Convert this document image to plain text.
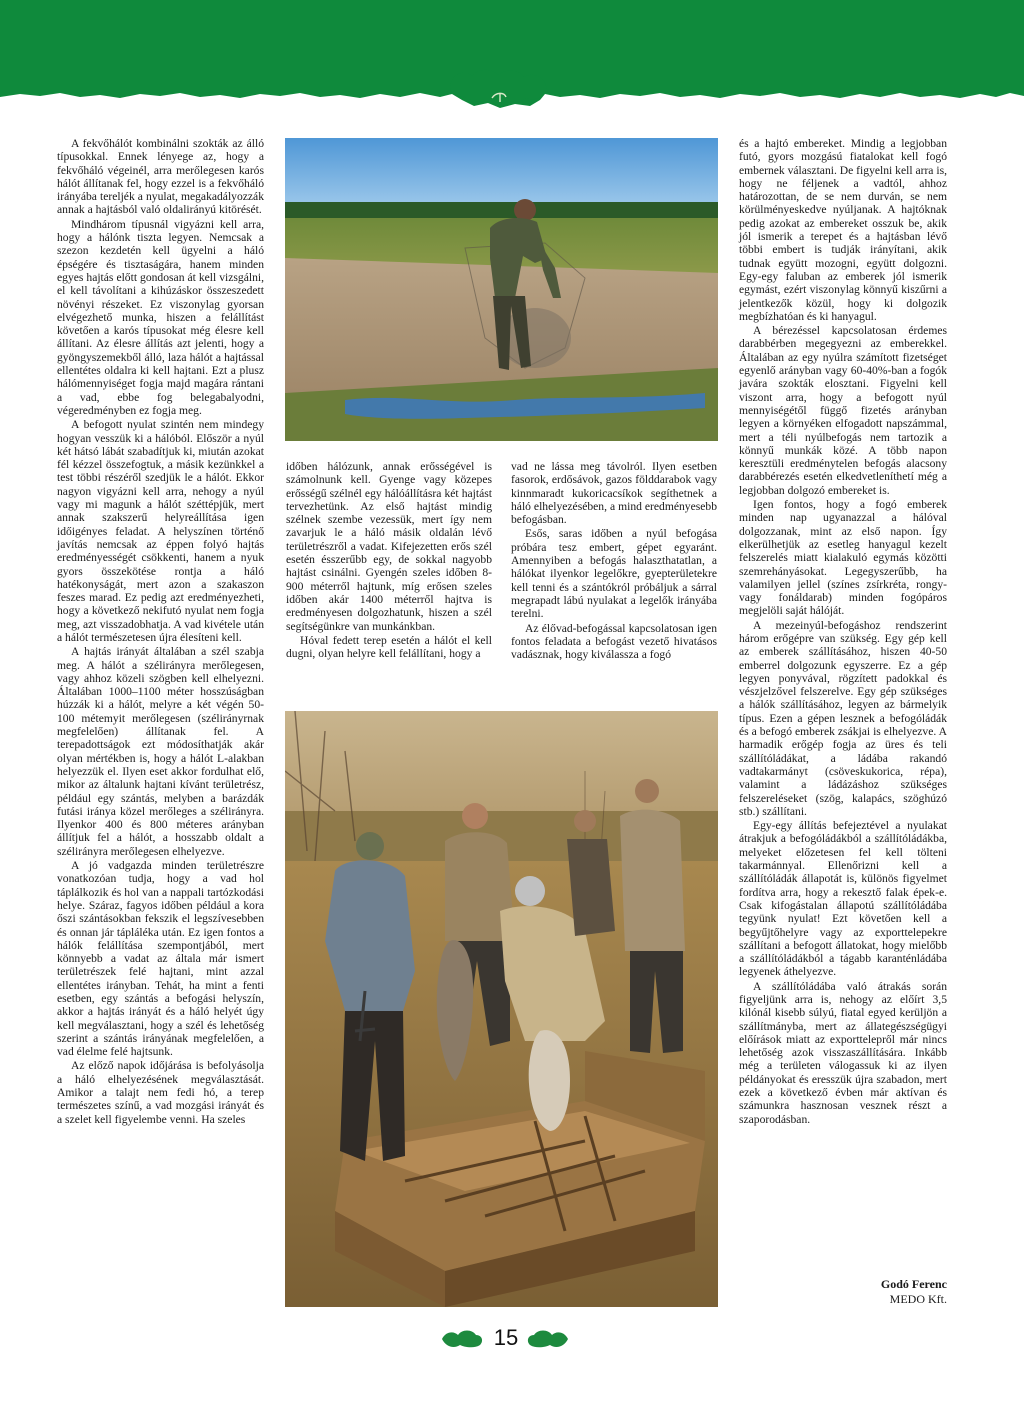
A fekvőhálót kombinálni szokták az álló típusokkal. Ennek lényege az, hogy a fekvőháló végeinél, arra merőlegesen karós hálót állítanak fel, hogy ezzel is a fekvőháló irányába tereljék a nyulat, megakadályozzák annak a hajtásból való oldalirányú kitörését.

Mindhárom típusnál vigyázni kell arra, hogy a hálónk tiszta legyen. Nemcsak a szezon kezdetén kell ügyelni a háló épségére és tisztaságára, hanem minden egyes hajtás előtt gondosan át kell vizsgálni, el kell távolítani a kihúzáskor összeszedett növényi részeket. Ez viszonylag gyorsan elvégezhető munka, hiszen a felállítást követően a karós típusokat még élesre kell állítani. Az élesre állítás azt jelenti, hogy a gyöngyszemekből álló, laza hálót a hajtással ellentétes oldalra ki kell hajtani. Ezt a plusz hálómennyiséget fogja majd magára rántani a vad, ebbe fog belegabalyodni, végeredményben ez fogja meg.

A befogott nyulat szintén nem mindegy hogyan vesszük ki a hálóból. Először a nyúl két hátsó lábát szabadítjuk ki, miután azokat fél kézzel összefogtuk, a másik kezünkkel a test többi részéről szedjük le a hálót. Ekkor nagyon vigyázni kell arra, nehogy a nyúl vagy mi magunk a hálót széttépjük, mert annak szakszerű helyreállítása igen időigényes feladat. A helyszínen történő javítás nemcsak az éppen folyó hajtás eredményességét csökkenti, hanem a nyuk gyors összekötése rontja a háló hatékonyságát, mert azon a szakaszon feszes marad. Ez pedig azt eredményezheti, hogy a következő nekifutó nyulat nem fogja meg, azt visszadobhatja. A vad kivétele után a hálót természetesen újra élesíteni kell.

A hajtás irányát általában a szél szabja meg. A hálót a szélirányra merőlegesen, vagy ahhoz közeli szögben kell elhelyezni. Általában 1000–1100 méter hosszúságban húzzák ki a hálót, melyre a két végén 50-100 métemyit merőlegesen (szélirányrnak megfelelően) állítanak fel. A terepadottságok ezt módosíthatják akár olyan mértékben is, hogy a hálót L-alakban helyezzük el. Ilyen eset akkor fordulhat elő, mikor az általunk hajtani kívánt területrész, például egy szántás, melyben a barázdák futási iránya közel merőleges a szélirányra. Ilyenkor 400 és 800 méteres arányban állítjuk fel a hálót, a hosszabb oldalt a szélirányra merőlegesen elhelyezve.

A jó vadgazda minden területrészre vonatkozóan tudja, hogy a vad hol táplálkozik és hol van a nappali tartózkodási helye. Száraz, fagyos időben például a kora őszi szántásokban fekszik el legszívesebben és onnan jár táplálékа után. Ez igen fontos a hálók felállítása szempontjából, mert könnyebb a vadat az általa már ismert területrészek felé hajtani, mint azzal ellentétes irányban. Tehát, ha mint a fenti esetben, egy szántás a befogási helyszín, akkor a hajtás irányát és a háló helyét úgy kell megválasztani, hogy a szél és lehetőség szerint a szántás irányának megfelelően, a vad élelme felé hajtsunk.

Az előző napok időjárása is befolyásolja a háló elhelyezésének megválasztását. Amikor a talajt nem fedi hó, a terep természetes színű, a vad mozgási irányát és a szelet kell figyelembe venni. Ha szeles

időben hálózunk, annak erősségével is számolnunk kell. Gyenge vagy közepes erősségű szélnél egy hálóállításra két hajtást tervezhetünk. Az első hajtást mindig szélnek szembe vezessük, mert így nem zavarjuk le a háló másik oldalán lévő területrészről a vadat. Kifejezetten erős szél esetén ésszerűbb egy, de sokkal nagyobb hajtást csinálni. Gyengén szeles időben 8-900 méterről hajtunk, míg erősen szeles időben akár 1400 méterről hajtva is eredményesen dolgozhatunk, hiszen a szél segítségünkre van munkánkban.

Hóval fedett terep esetén a hálót el kell dugni, olyan helyre kell felállítani, hogy a

vad ne lássa meg távolról. Ilyen esetben fasorok, erdősávok, gazos földdarabok vagy kinnmaradt kukoricacsíkok segíthetnek a háló elhelyezésében, a mind eredményesebb befogásban.

Esős, saras időben a nyúl befogása próbára tesz embert, gépet egyaránt. Amennyiben a befogás halaszthatatlan, a hálókat ilyenkor legelőkre, gyepterületekre kell tenni és a szántókról próbáljuk a sárral megrapadt lábú nyulakat a legelők irányába terelni.

Az élővad-befogással kapcsolatosan igen fontos feladata a befogást vezető hivatásos vadásznak, hogy kiválassza a fogó

és a hajtó embereket. Mindig a legjobban futó, gyors mozgású fiatalokat kell fogó embernek választani. De figyelni kell arra is, hogy ne féljenek a vadtól, ahhoz határozottan, de se nem durván, se nem körülményeskedve nyúljanak. A hajtóknak pedig azokat az embereket osszuk be, akik jól ismerik a terepet és a hajtásban lévő többi embert is tudják irányítani, akik tudnak együtt mozogni, együtt dolgozni. Egy-egy faluban az emberek jól ismerik egymást, ezért viszonylag könnyű kiszűrni a jelentkezők közül, hogy ki dolgozik megbízhatóan és ki hanyagul.

A bérezéssel kapcsolatosan érdemes darabbérben megegyezni az emberekkel. Általában az egy nyúlra számított fizetséget egyenlő arányban vagy 60-40%-ban a fogók javára szokták elosztani. Figyelni kell viszont arra, hogy a befogott nyúl mennyiségétől függő fizetés arányban legyen a környéken elfogadott napszámmal, mert a téli nyúlbefogás nem tartozik a könnyű munkák közé. A több napon keresztüli eredménytelen befogás alacsony darabbérezés esetén elkedvetleníthetí még a legjobban dolgozó embereket is.

Igen fontos, hogy a fogó emberek minden nap ugyanazzal a hálóval dolgozzanak, mint az első napon. Így elkerülhetjük az esetleg hanyagul kezelt felszerelés miatt kialakuló egymás közötti szemrehányásokat. Legegyszerűbb, ha valamilyen jellel (színes zsírkréta, rongy- vagy fonáldarab) minden fogópáros megjelöli saját hálóját.

A mezeinyúl-befogáshoz rendszerint három erőgépre van szükség. Egy gép kell az emberek szállításához, hiszen 40-50 emberrel dolgozunk egyszerre. Ez a gép legyen ponyvával, rögzített padokkal és vészjelzővel felszerelve. Egy gép szükséges a hálók szállításához, legyen az bármelyik típus. Ezen a gépen lesznek a befogóládák és a befogó emberek zsákjai is elhelyezve. A harmadik erőgép fogja az üres és teli szállítóládákat, a ládába rakandó vadtakarmányt (csöveskukorica, répa), valamint a ládázáshoz szükséges felszereléseket (szög, kalapács, szöghúzó stb.) szállítani.

Egy-egy állítás befejeztével a nyulakat átrakjuk a befogóládákból a szállítóládákba, melyeket előzetesen fel kell tölteni takarmánnyal. Ellenőrizni kell a szállítóládák állapotát is, különös figyelmet fordítva arra, hogy a rekesztő falak épek-e. Csak kifogástalan állapotú szállítóládába tegyünk nyulat! Ezt követően kell a begyűjtőhelyre vagy az exporttelepekre szállítani a befogott állatokat, hogy mielőbb a szállítóládákból a tágabb karanténládába legyenek áthelyezve.

A szállítóládába való átrakás során figyeljünk arra is, nehogy az előírt 3,5 kilónál kisebb súlyú, fiatal egyed kerüljön a szállítmányba, mert az állategészségügyi előírások miatt az exporttelepről már nincs lehetőség azok visszaszállítására. Inkább még a területen válogassuk ki az ilyen példányokat és eresszük újra szabadon, mert ezek a következő évben már aktívan és számunkra hasznosan vesznek részt a szaporodásban.

Godó Ferenc
MEDO Kft.
15
